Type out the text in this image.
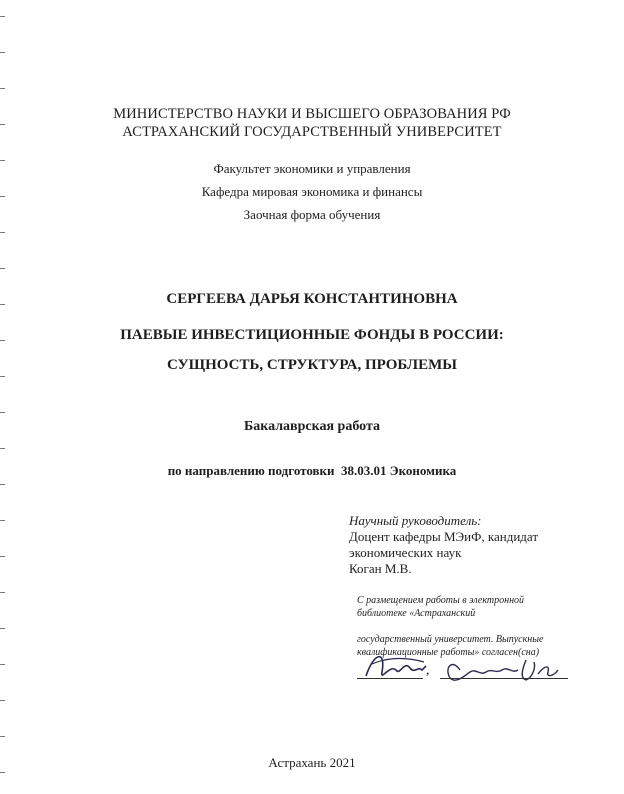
МИНИСТЕРСТВО НАУКИ И ВЫСШЕГО ОБРАЗОВАНИЯ РФ
АСТРАХАНСКИЙ ГОСУДАРСТВЕННЫЙ УНИВЕРСИТЕТ
Факультет экономики и управления
Кафедра мировая экономика и финансы
Заочная форма обучения
СЕРГЕЕВА ДАРЬЯ КОНСТАНТИНОВНА
ПАЕВЫЕ ИНВЕСТИЦИОННЫЕ ФОНДЫ В РОССИИ:
СУЩНОСТЬ, СТРУКТУРА, ПРОБЛЕМЫ
Бакалаврская работа
по направлению подготовки  38.03.01 Экономика
Научный руководитель:
Доцент кафедры МЭиФ, кандидат
экономических наук
Коган М.В.
С размещением работы в электронной
библиотеке «Астраханский
государственный университет. Выпускные
квалификационные работы» согласен(сна)
,
Астрахань 2021
